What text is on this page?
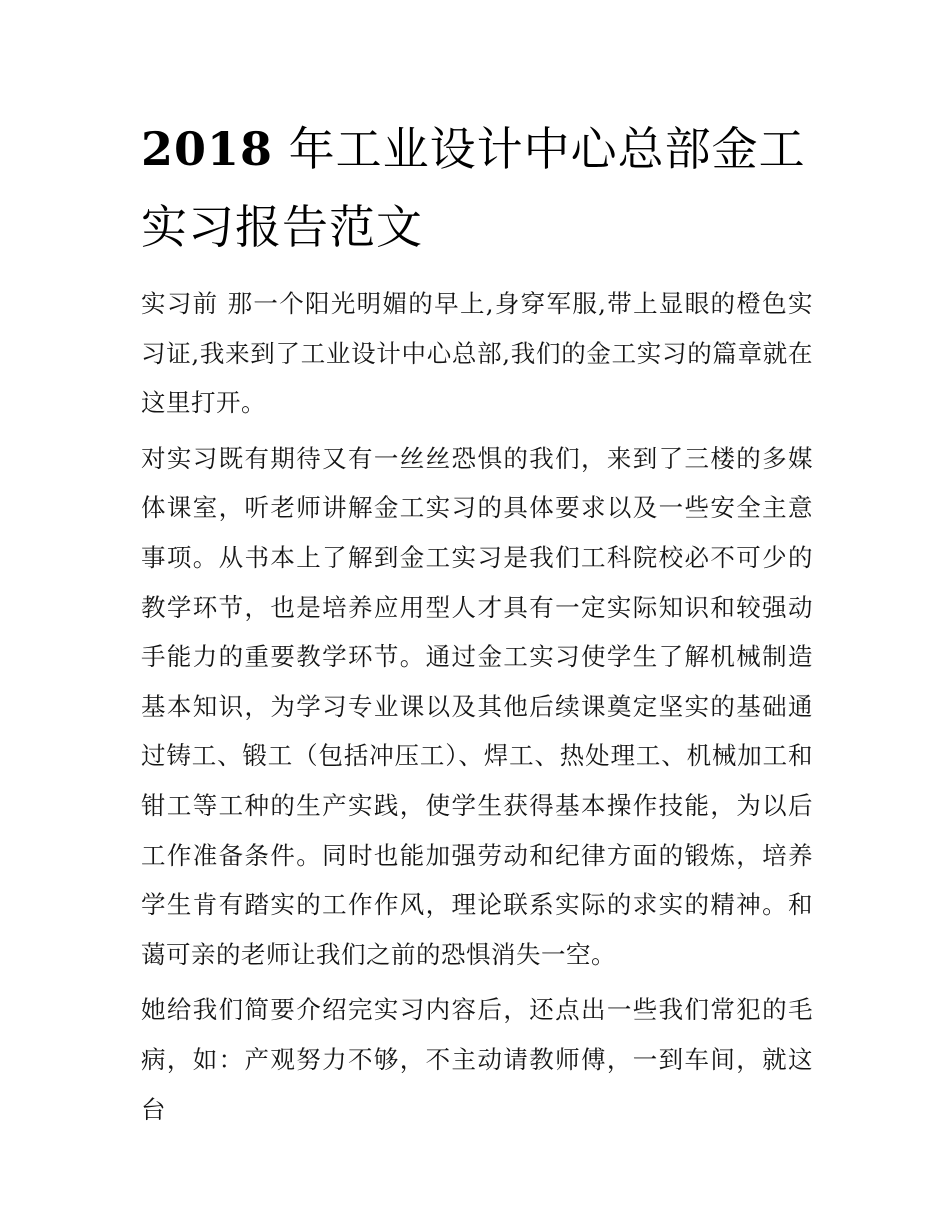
2018 年工业设计中心总部金工实习报告范文

实习前 那一个阳光明媚的早上,身穿军服,带上显眼的橙色实习证,我来到了工业设计中心总部,我们的金工实习的篇章就在这里打开。

对实习既有期待又有一丝丝恐惧的我们，来到了三楼的多媒体课室，听老师讲解金工实习的具体要求以及一些安全主意事项。从书本上了解到金工实习是我们工科院校必不可少的教学环节，也是培养应用型人才具有一定实际知识和较强动手能力的重要教学环节。通过金工实习使学生了解机械制造基本知识，为学习专业课以及其他后续课奠定坚实的基础通过铸工、锻工（包括冲压工）、焊工、热处理工、机械加工和钳工等工种的生产实践，使学生获得基本操作技能，为以后工作准备条件。同时也能加强劳动和纪律方面的锻炼，培养学生肯有踏实的工作作风，理论联系实际的求实的精神。和蔼可亲的老师让我们之前的恐惧消失一空。

她给我们简要介绍完实习内容后，还点出一些我们常犯的毛病，如：产观努力不够，不主动请教师傅，一到车间，就这台
